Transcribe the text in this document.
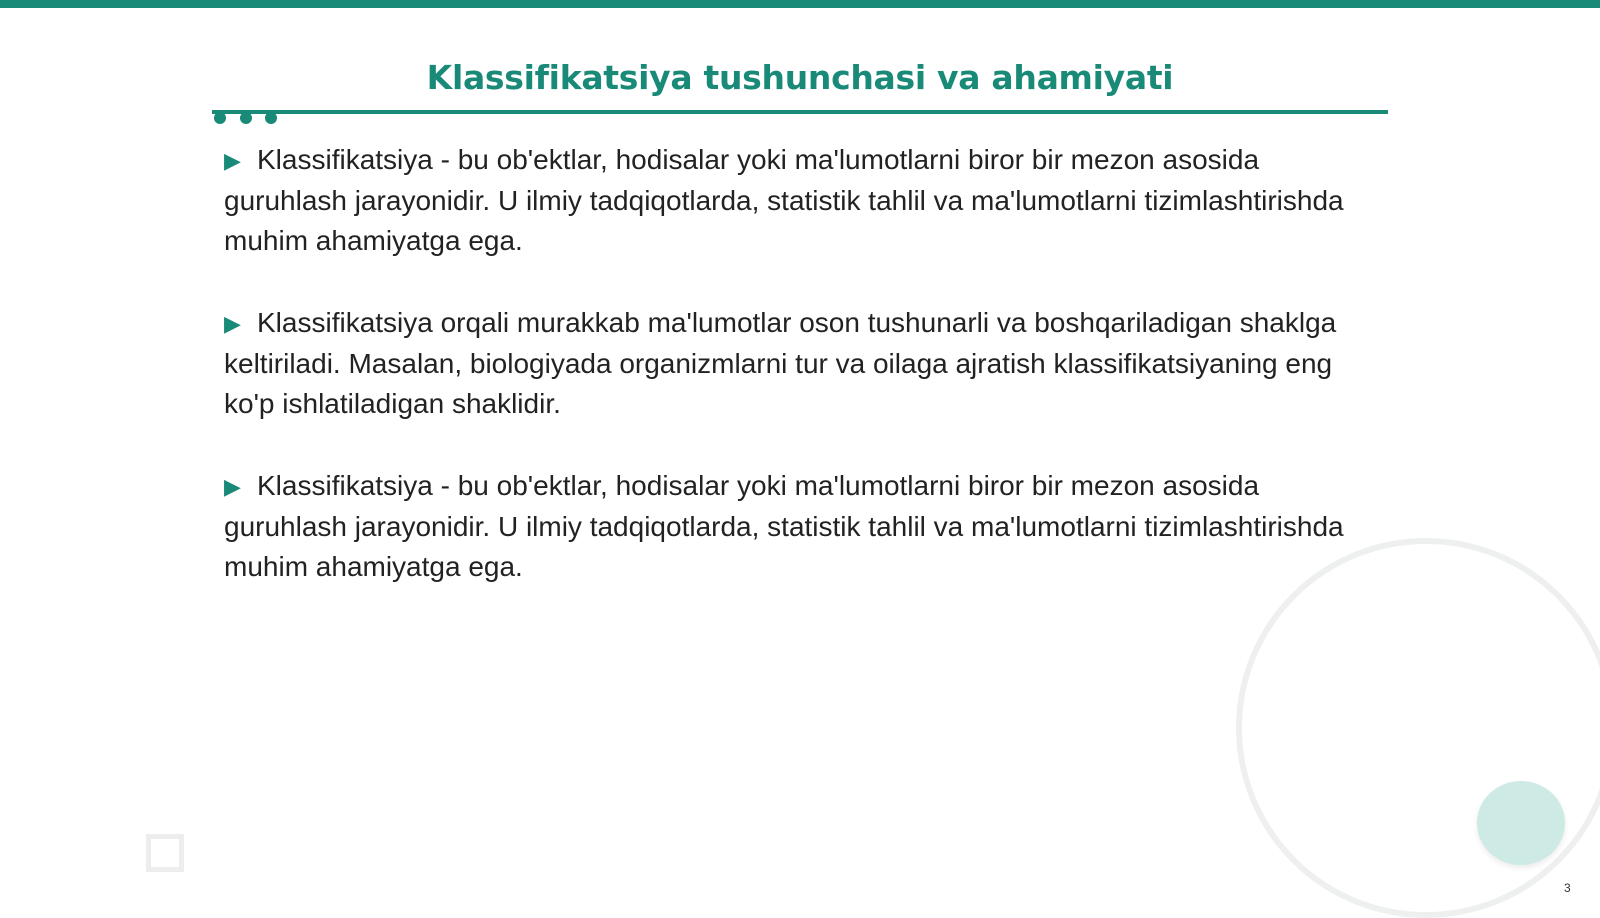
Klassifikatsiya tushunchasi va ahamiyati

▶ Klassifikatsiya - bu ob'ektlar, hodisalar yoki ma'lumotlarni biror bir mezon asosida guruhlash jarayonidir. U ilmiy tadqiqotlarda, statistik tahlil va ma'lumotlarni tizimlashtirishda muhim ahamiyatga ega.

▶ Klassifikatsiya orqali murakkab ma'lumotlar oson tushunarli va boshqariladigan shaklga keltiriladi. Masalan, biologiyada organizmlarni tur va oilaga ajratish klassifikatsiyaning eng ko'p ishlatiladigan shaklidir.

▶ Klassifikatsiya - bu ob'ektlar, hodisalar yoki ma'lumotlarni biror bir mezon asosida guruhlash jarayonidir. U ilmiy tadqiqotlarda, statistik tahlil va ma'lumotlarni tizimlashtirishda muhim ahamiyatga ega.

3
